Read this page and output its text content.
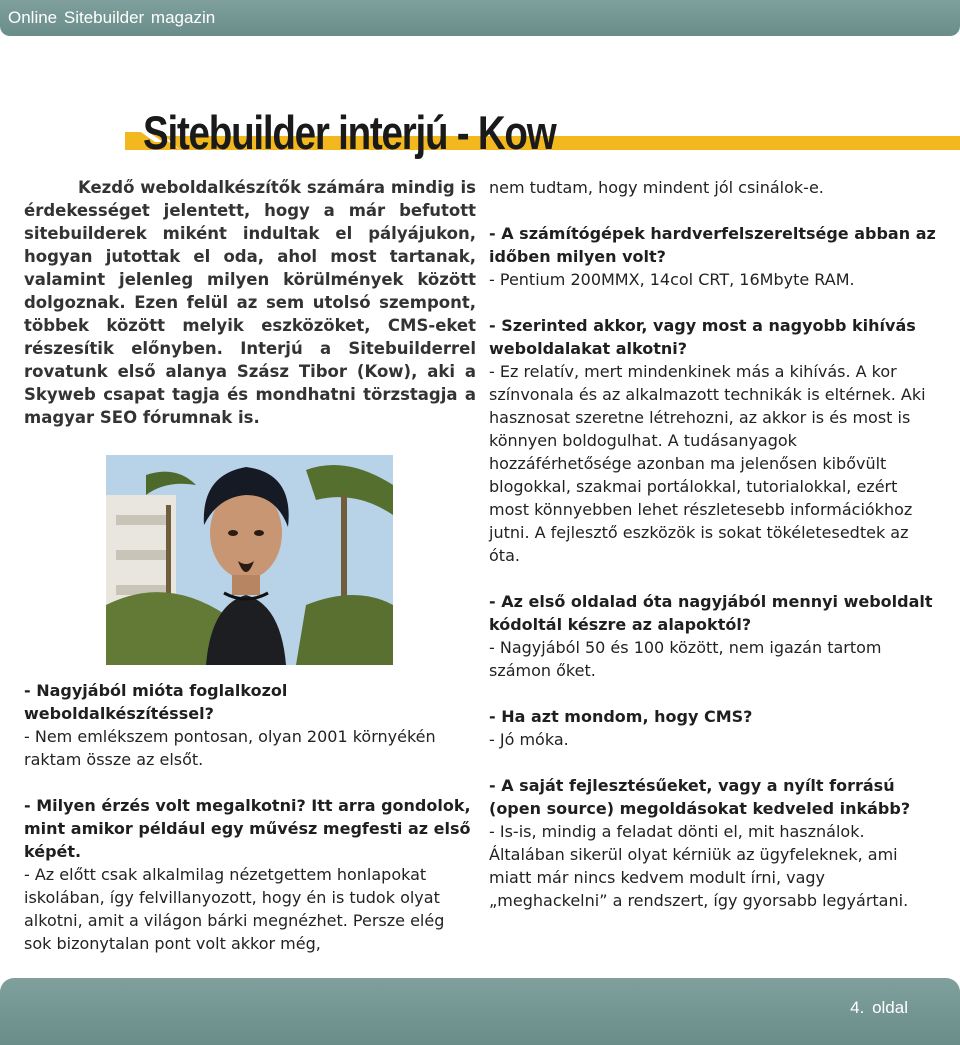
Online Sitebuilder magazin
Sitebuilder interjú - Kow

Kezdő weboldalkészítők számára mindig is érdekességet jelentett, hogy a már befutott sitebuilderek miként indultak el pályájukon, hogyan jutottak el oda, ahol most tartanak, valamint jelenleg milyen körülmények között dolgoznak. Ezen felül az sem utolsó szempont, többek között melyik eszközöket, CMS-eket részesítik előnyben. Interjú a Sitebuilderrel rovatunk első alanya Szász Tibor (Kow), aki a Skyweb csapat tagja és mondhatni törzstagja a magyar SEO fórumnak is.

- Nagyjából mióta foglalkozol weboldalkészítéssel?

- Nem emlékszem pontosan, olyan 2001 környékén raktam össze az elsőt.

- Milyen érzés volt megalkotni? Itt arra gondolok, mint amikor például egy művész megfesti az első képét.

- Az előtt csak alkalmilag nézetgettem honlapokat iskolában, így felvillanyozott, hogy én is tudok olyat alkotni, amit a világon bárki megnézhet. Persze elég sok bizonytalan pont volt akkor még,

nem tudtam, hogy mindent jól csinálok-e.

- A számítógépek hardverfelszereltsége abban az időben milyen volt?

- Pentium 200MMX, 14col CRT, 16Mbyte RAM.

- Szerinted akkor, vagy most a nagyobb kihívás weboldalakat alkotni?

- Ez relatív, mert mindenkinek más a kihívás. A kor színvonala és az alkalmazott technikák is eltérnek. Aki hasznosat szeretne létrehozni, az akkor is és most is könnyen boldogulhat. A tudásanyagok hozzáférhetősége azonban ma jelenősen kibővült blogokkal, szakmai portálokkal, tutorialokkal, ezért most könnyebben lehet részletesebb információkhoz jutni. A fejlesztő eszközök is sokat tökéletesedtek az óta.

- Az első oldalad óta nagyjából mennyi weboldalt kódoltál készre az alapoktól?

- Nagyjából 50 és 100 között, nem igazán tartom számon őket.

- Ha azt mondom, hogy CMS?

- Jó móka.

- A saját fejlesztésűeket, vagy a nyílt forrású (open source) megoldásokat kedveled inkább?

- Is-is, mindig a feladat dönti el, mit használok. Általában sikerül olyat kérniük az ügyfeleknek, ami miatt már nincs kedvem modult írni, vagy „meghackelni” a rendszert, így gyorsabb legyártani.

4. oldal
